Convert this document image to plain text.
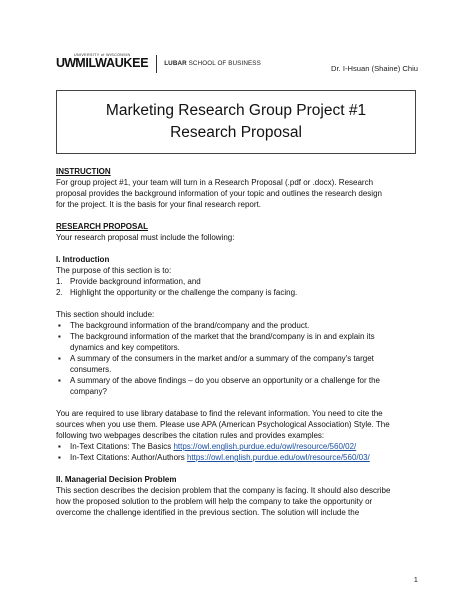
UNIVERSITY of WISCONSIN
UWMILWAUKEE	LUBAR SCHOOL OF BUSINESS
Dr. I-Hsuan (Shaine) Chiu
Marketing Research Group Project #1
Research Proposal
INSTRUCTION
For group project #1, your team will turn in a Research Proposal (.pdf or .docx). Research
proposal provides the background information of your topic and outlines the research design
for the project. It is the basis for your final research report.
RESEARCH PROPOSAL
Your research proposal must include the following:
I. Introduction
The purpose of this section is to:
1. Provide background information, and
2. Highlight the opportunity or the challenge the company is facing.
This section should include:
▪ The background information of the brand/company and the product.
▪ The background information of the market that the brand/company is in and explain its
dynamics and key competitors.
▪ A summary of the consumers in the market and/or a summary of the company's target
consumers.
▪ A summary of the above findings – do you observe an opportunity or a challenge for the
company?
You are required to use library database to find the relevant information. You need to cite the
sources when you use them. Please use APA (American Psychological Association) Style. The
following two webpages describes the citation rules and provides examples:
▪ In-Text Citations: The Basics https://owl.english.purdue.edu/owl/resource/560/02/
▪ In-Text Citations: Author/Authors https://owl.english.purdue.edu/owl/resource/560/03/
II. Managerial Decision Problem
This section describes the decision problem that the company is facing. It should also describe
how the proposed solution to the problem will help the company to take the opportunity or
overcome the challenge identified in the previous section. The solution will include the
1
